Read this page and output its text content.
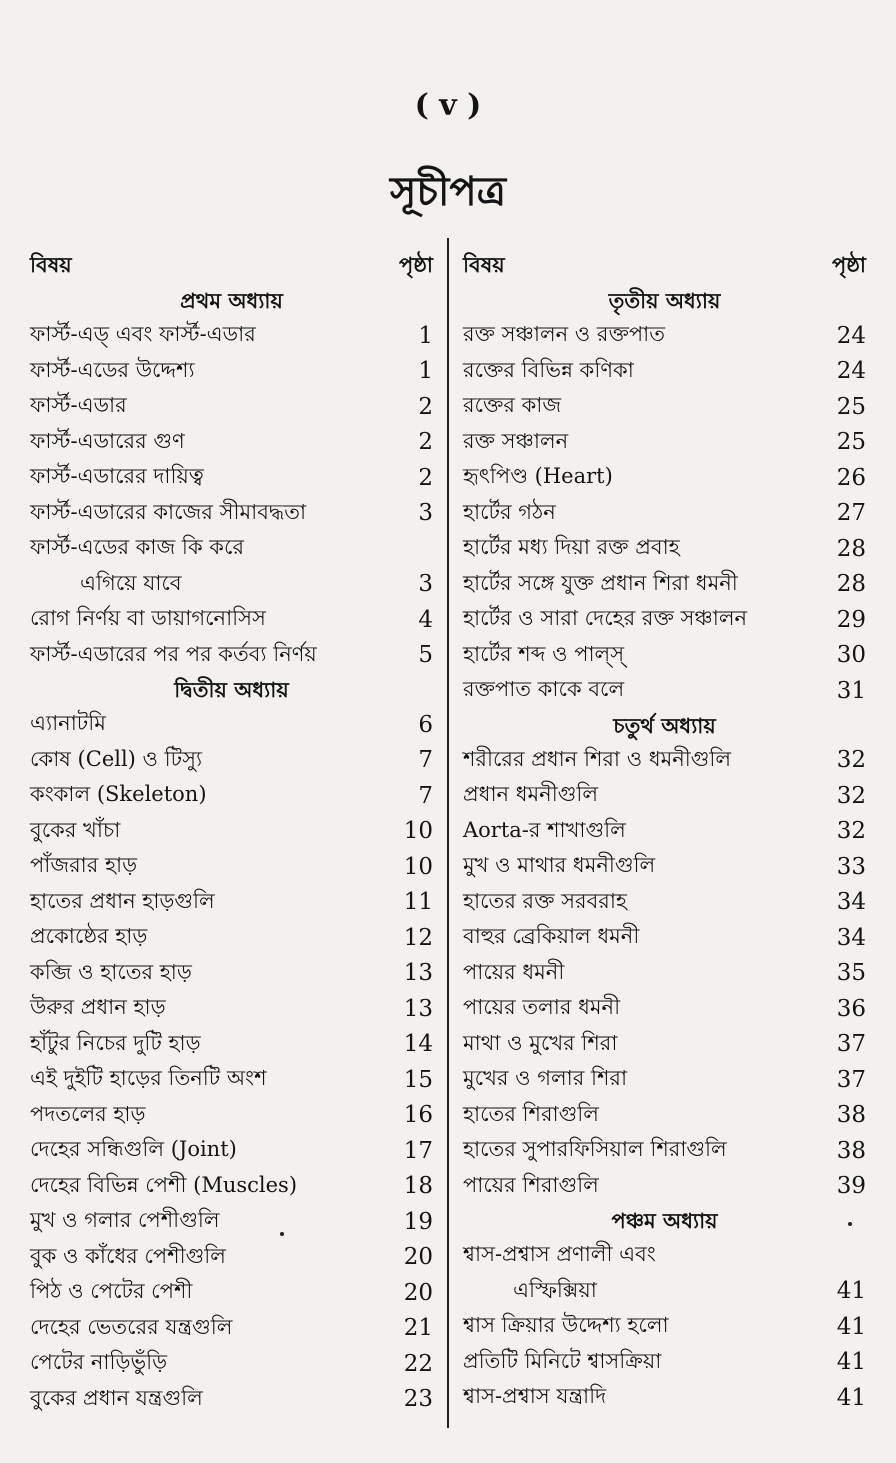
( v )
সূচীপত্র
বিষয়	পৃষ্ঠা
প্রথম অধ্যায়
ফার্স্ট-এড্ এবং ফার্স্ট-এডার	1
ফার্স্ট-এডের উদ্দেশ্য	1
ফার্স্ট-এডার	2
ফার্স্ট-এডারের গুণ	2
ফার্স্ট-এডারের দায়িত্ব	2
ফার্স্ট-এডারের কাজের সীমাবদ্ধতা	3
ফার্স্ট-এডের কাজ কি করে
এগিয়ে যাবে	3
রোগ নির্ণয় বা ডায়াগনোসিস	4
ফার্স্ট-এডারের পর পর কর্তব্য নির্ণয়	5
দ্বিতীয় অধ্যায়
এ্যানাটমি	6
কোষ (Cell) ও টিস্যু	7
কংকাল (Skeleton)	7
বুকের খাঁচা	10
পাঁজরার হাড়	10
হাতের প্রধান হাড়গুলি	11
প্রকোষ্ঠের হাড়	12
কব্জি ও হাতের হাড়	13
উরুর প্রধান হাড়	13
হাঁটুর নিচের দুটি হাড়	14
এই দুইটি হাড়ের তিনটি অংশ	15
পদতলের হাড়	16
দেহের সন্ধিগুলি (Joint)	17
দেহের বিভিন্ন পেশী (Muscles)	18
মুখ ও গলার পেশীগুলি	19
বুক ও কাঁধের পেশীগুলি	20
পিঠ ও পেটের পেশী	20
দেহের ভেতরের যন্ত্রগুলি	21
পেটের নাড়িভুঁড়ি	22
বুকের প্রধান যন্ত্রগুলি	23
বিষয়	পৃষ্ঠা
তৃতীয় অধ্যায়
রক্ত সঞ্চালন ও রক্তপাত	24
রক্তের বিভিন্ন কণিকা	24
রক্তের কাজ	25
রক্ত সঞ্চালন	25
হৃৎপিণ্ড (Heart)	26
হার্টের গঠন	27
হার্টের মধ্য দিয়া রক্ত প্রবাহ	28
হার্টের সঙ্গে যুক্ত প্রধান শিরা ধমনী	28
হার্টের ও সারা দেহের রক্ত সঞ্চালন	29
হার্টের শব্দ ও পাল্স্	30
রক্তপাত কাকে বলে	31
চতুর্থ অধ্যায়
শরীরের প্রধান শিরা ও ধমনীগুলি	32
প্রধান ধমনীগুলি	32
Aorta-র শাখাগুলি	32
মুখ ও মাথার ধমনীগুলি	33
হাতের রক্ত সরবরাহ	34
বাহুর ব্রেকিয়াল ধমনী	34
পায়ের ধমনী	35
পায়ের তলার ধমনী	36
মাথা ও মুখের শিরা	37
মুখের ও গলার শিরা	37
হাতের শিরাগুলি	38
হাতের সুপারফিসিয়াল শিরাগুলি	38
পায়ের শিরাগুলি	39
পঞ্চম অধ্যায়
শ্বাস-প্রশ্বাস প্রণালী এবং
এস্ফিক্সিয়া	41
শ্বাস ক্রিয়ার উদ্দেশ্য হলো	41
প্রতিটি মিনিটে শ্বাসক্রিয়া	41
শ্বাস-প্রশ্বাস যন্ত্রাদি	41
